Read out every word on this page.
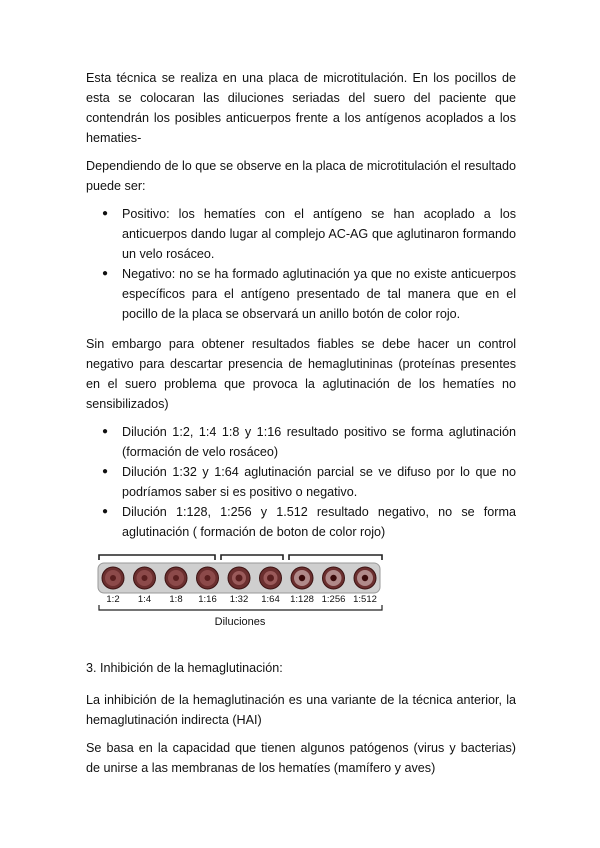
Esta técnica se realiza en una placa de microtitulación. En los pocillos de esta se colocaran las diluciones seriadas del suero del paciente que contendrán los posibles anticuerpos frente a los antígenos acoplados a los hematies-

Dependiendo de lo que se observe en la placa de microtitulación el resultado puede ser:

● Positivo: los hematíes con el antígeno se han acoplado a los anticuerpos dando lugar al complejo AC-AG que aglutinaron formando un velo rosáceo.
● Negativo: no se ha formado aglutinación ya que no existe anticuerpos específicos para el antígeno presentado de tal manera que en el pocillo de la placa se observará un anillo botón de color rojo.

Sin embargo para obtener resultados fiables se debe hacer un control negativo para descartar presencia de hemaglutininas (proteínas presentes en el suero problema que provoca la aglutinación de los hematíes no sensibilizados)

● Dilución 1:2, 1:4 1:8 y 1:16 resultado positivo se forma aglutinación (formación de velo rosáceo)
● Dilución 1:32 y 1:64 aglutinación parcial se ve difuso por lo que no podríamos saber si es positivo o negativo.
● Dilución 1:128, 1:256 y 1.512 resultado negativo, no se forma aglutinación ( formación de boton de color rojo)
1:2 1:4 1:8 1:16 1:32 1:64 1:128 1:256 1:512
Diluciones

3. Inhibición de la hemaglutinación:

La inhibición de la hemaglutinación es una variante de la técnica anterior, la hemaglutinación indirecta (HAI)

Se basa en la capacidad que tienen algunos patógenos (virus y bacterias) de unirse a las membranas de los hematíes (mamífero y aves)
